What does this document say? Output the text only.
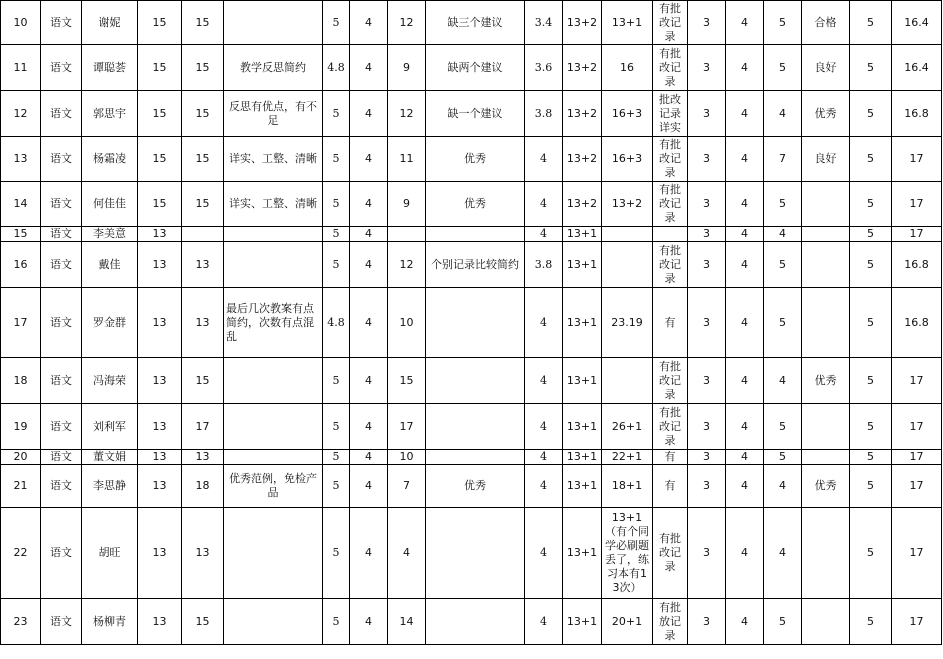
10	语文	谢妮	15	15		5	4	12	缺三个建议	3.4	13+2	13+1	有批改记录	3	4	5	合格	5	16.4
11	语文	谭聪荟	15	15	教学反思简约	4.8	4	9	缺两个建议	3.6	13+2	16	有批改记录	3	4	5	良好	5	16.4
12	语文	郭思宇	15	15	反思有优点，有不足	5	4	12	缺一个建议	3.8	13+2	16+3	批改记录详实	3	4	4	优秀	5	16.8
13	语文	杨霜凌	15	15	详实、工整、清晰	5	4	11	优秀	4	13+2	16+3	有批改记录	3	4	7	良好	5	17
14	语文	何佳佳	15	15	详实、工整、清晰	5	4	9	优秀	4	13+2	13+2	有批改记录	3	4	5		5	17
15	语文	李美意	13			5	4			4	13+1			3	4	4		5	17
16	语文	戴佳	13	13		5	4	12	个别记录比较简约	3.8	13+1		有批改记录	3	4	5		5	16.8
17	语文	罗金群	13	13	最后几次教案有点简约，次数有点混乱	4.8	4	10		4	13+1	23.19	有	3	4	5		5	16.8
18	语文	冯海荣	13	15		5	4	15		4	13+1		有批改记录	3	4	4	优秀	5	17
19	语文	刘利军	13	17		5	4	17		4	13+1	26+1	有批改记录	3	4	5		5	17
20	语文	董文娟	13	13		5	4	10		4	13+1	22+1	有	3	4	5		5	17
21	语文	李思静	13	18	优秀范例，免检产品	5	4	7	优秀	4	13+1	18+1	有	3	4	4	优秀	5	17
22	语文	胡旺	13	13		5	4	4		4	13+1	13+1（有个同学必刷题丢了，练习本有13次）	有批改记录	3	4	4		5	17
23	语文	杨柳青	13	15		5	4	14		4	13+1	20+1	有批放记录	3	4	5		5	17
